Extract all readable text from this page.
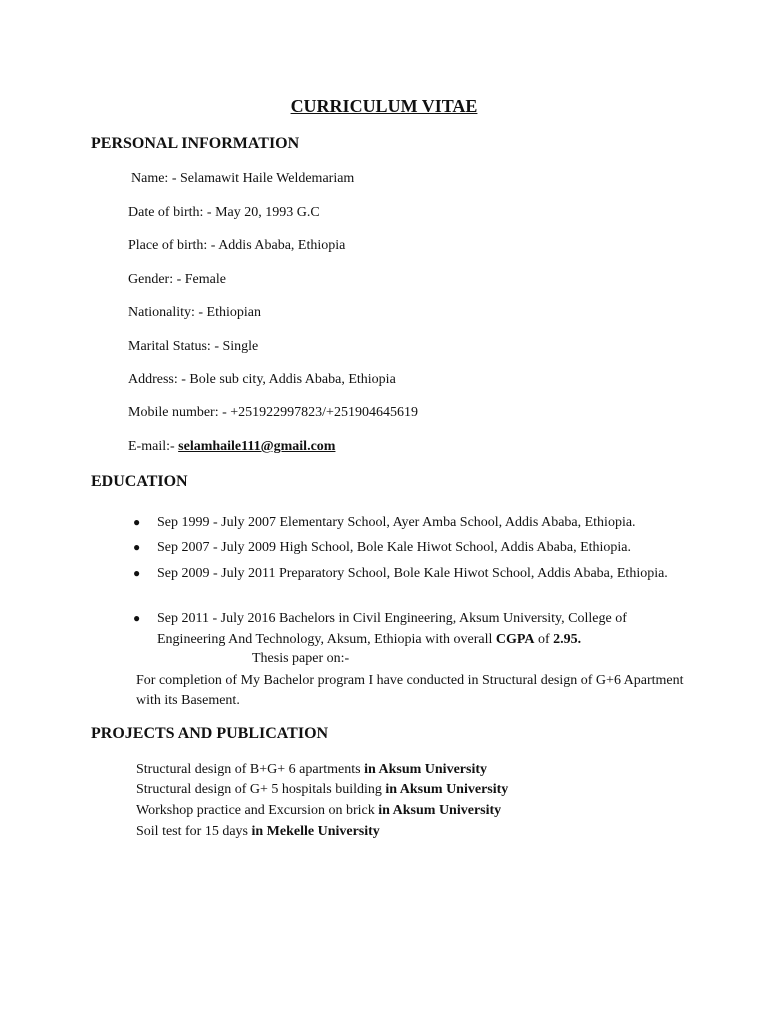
CURRICULUM VITAE
PERSONAL INFORMATION
Name: - Selamawit Haile Weldemariam
Date of birth: - May 20, 1993 G.C
Place of birth: - Addis Ababa, Ethiopia
Gender: - Female
Nationality: - Ethiopian
Marital Status: - Single
Address: - Bole sub city, Addis Ababa, Ethiopia
Mobile number: - +251922997823/+251904645619
E-mail:- selamhaile111@gmail.com
EDUCATION
● Sep 1999 - July 2007 Elementary School, Ayer Amba School, Addis Ababa, Ethiopia.
● Sep 2007 - July 2009 High School, Bole Kale Hiwot School, Addis Ababa, Ethiopia.
● Sep 2009 - July 2011 Preparatory School, Bole Kale Hiwot School, Addis Ababa, Ethiopia.
● Sep 2011 - July 2016 Bachelors in Civil Engineering, Aksum University, College of Engineering And Technology, Aksum, Ethiopia with overall CGPA of 2.95.
Thesis paper on:-
For completion of My Bachelor program I have conducted in Structural design of G+6 Apartment with its Basement.
PROJECTS AND PUBLICATION
Structural design of B+G+ 6 apartments in Aksum University
Structural design of G+ 5 hospitals building in Aksum University
Workshop practice and Excursion on brick in Aksum University
Soil test for 15 days in Mekelle University
